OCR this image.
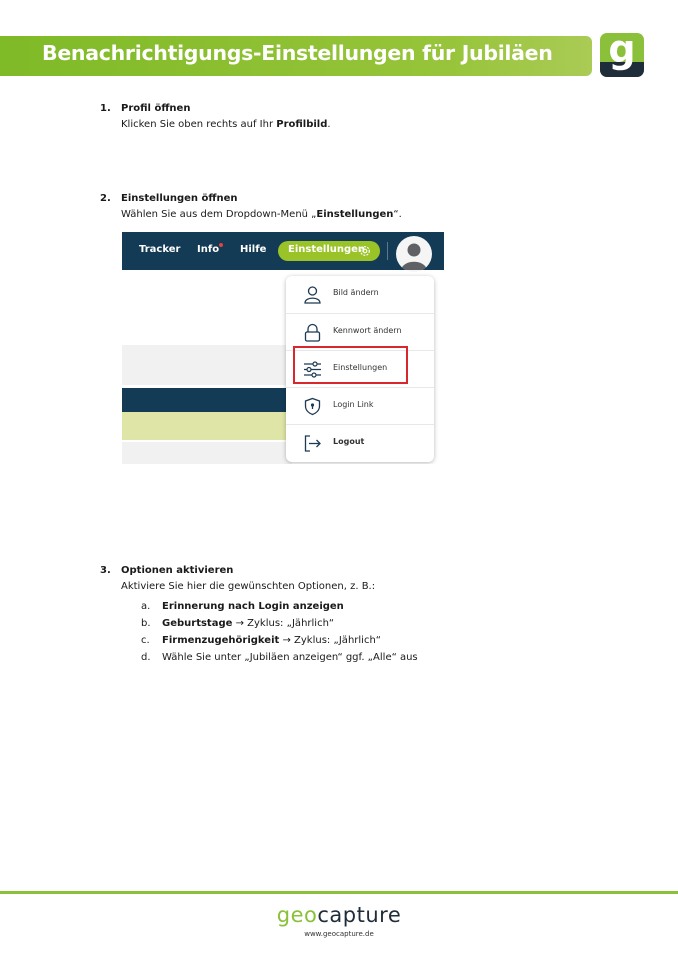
Benachrichtigungs-Einstellungen für Jubiläen g
1. Profil öffnen
Klicken Sie oben rechts auf Ihr Profilbild.
2. Einstellungen öffnen
Wählen Sie aus dem Dropdown-Menü „Einstellungen“.
Tracker Info Hilfe Einstellungen
Bild ändern
Kennwort ändern
Einstellungen
Login Link
Logout
3. Optionen aktivieren
Aktiviere Sie hier die gewünschten Optionen, z. B.:
a. Erinnerung nach Login anzeigen
b. Geburtstage → Zyklus: „Jährlich“
c. Firmenzugehörigkeit → Zyklus: „Jährlich“
d. Wähle Sie unter „Jubiläen anzeigen“ ggf. „Alle“ aus
geocapture
www.geocapture.de
